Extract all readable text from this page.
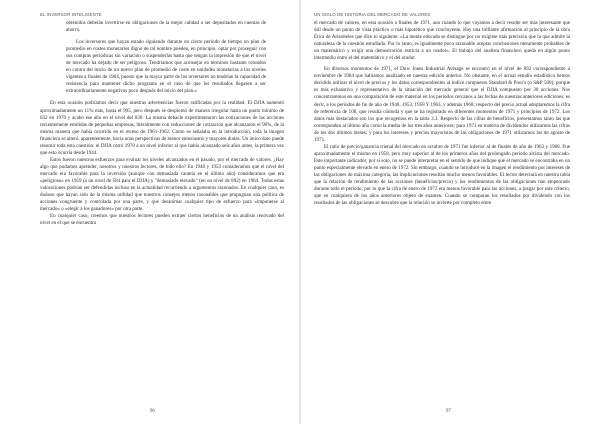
EL INVERSOR INTELIGENTE

obtenidos deberán invertirse en obligaciones de la mejor calidad o ser depositados en cuentas de ahorro.

Los inversores que hayan estado siguiendo durante un cierto periodo de tiempo un plan de promedio en costes monetarios digno de tal nombre pueden, en principio, optar por proseguir con sus compras periódicas sin variación o suspenderlas hasta que tengan la impresión de que el nivel de mercado ha dejado de ser peligroso. Tendríamos que aconsejar en términos bastante rotundos en contra del inicio de un nuevo plan de promedio de coste en unidades monetarias a los niveles vigentes a finales de 1964, puesto que la mayor parte de los inversores no tendrían la capacidad de resistencia para mantener dicho programa en el caso de que los resultados llegasen a ser extraordinariamente negativos poco después del inicio del plan.»

En esta ocasión podríamos decir que nuestras advertencias fueron ratificadas por la realidad. El DJIA aumentó aproximadamente un 11% más, hasta el 995, pero después se desplomó de manera irregular hasta un punto mínimo de 632 en 1970 y acabó ese año en el nivel del 839. La misma debacle experimentaron las cotizaciones de las acciones recientemente emitidas de pequeñas empresas, literalmente con reducciones de cotización que alcanzaron el 90%, de la misma manera que había ocurrido en el receso de 1961-1962. Como se señalaba en la introducción, toda la imagen financiera se alteró, aparentemente, hacia unas perspectivas de menor entusiasmo y mayores dudas. Un único dato puede resumir toda esta cuestión: el DJIA cerró 1970 a un nivel inferior al que había alcanzado seis años antes, la primera vez que esto ocurría desde 1944.

Estos fueron nuestros esfuerzos para evaluar los niveles alcanzados en el pasado, por el mercado de valores. ¿Hay algo que podamos aprender, nosotros y nuestros lectores, de todo ello? En 1948 y 1953 consideramos que el nivel del mercado era favorable para la inversión (aunque con demasiada cautela en el último año) consideramos que era «peligroso» en 1959 (a un nivel de 584 para el DJIA) y "demasiado elevado" (en un nivel de 892) en 1964. Todas estas valoraciones podrían ser defendidas incluso en la actualidad recurriendo a argumentos razonados. En cualquier caso, es dudoso que hayan sido de la misma utilidad que nuestros consejos menos razonables que propugnan una política de acciones congruente y controlada por una parte, y que desanimar cualquier tipo de esfuerzo para «imponerse al mercado» o «elegir a los ganadores» por otra parte.

En cualquier caso, creemos que nuestros lectores pueden extraer ciertos beneficios de un análisis renovado del nivel en el que se encuentra

96
UN SIGLO DE HISTORIA DEL MERCADO DE VALORES

el mercado de valores, en esta ocasión a finales de 1971, aun cuando lo que vayamos a decir resulte ser más interesante que útil desde un punto de vista práctico o más hipotético que concluyente. Hay una brillante afirmación al principio de la obra Ética de Aristóteles que dice lo siguiente: «La mente educada se distingue por no exigirse más precisión que la que admite la naturaleza de la cuestión estudiada. Por lo tanto, es igualmente poco razonable aceptar conclusiones meramente probables de un matemático y exigir una demostración estricta a un orador». El trabajo del analista financiero queda en algún punto intermedio entre el del matemático y el del orador.

En diversos momentos de 1971, el Dow Jones Industrial Average se encontró en el nivel de 892 correspondiente a noviembre de 1964 que habíamos analizado en nuestra edición anterior. No obstante, en el actual estudio estadístico hemos decidido utilizar el nivel de precios y los datos correspondientes al índice compuesto Standard & Poor's (o S&P 500), porque es más exhaustivo y representativo de la situación del mercado general que el DJIA compuesto por 30 acciones. Nos concentraremos en una comparación de este material en los periodos cercanos a las fechas de nuestras anteriores ediciones, es decir, a los periodos de fin de año de 1948, 1953, 1958 Y 1963, y además 1968; respecto del precio actual adoptaremos la cifra de referencia de 100, que resulta cómoda y que se ha registrado en diferentes momentos de 1971 y principios de 1972. Los datos más destacados son los que recogemos en la tabla 3.3. Respecto de las cifras de beneficios, presentamos tanto las que corresponden al último año como la media de los tres años anteriores; para 1971 en materia de dividendos utilizamos las cifras de los dos últimos meses; y para los intereses y precios mayoristas de las obligaciones de 1971 utilizamos los de agosto de 1971.

El ratio de precio/ganancia trienal del mercado en octubre de 1971 fue inferior al de finales de año de 1963 y 1968. Fue aproximadamente el mismo en 1958, pero muy superior al de los primeros años del prolongado período alcista del mercado. Este importante indicador, por sí solo, no se puede interpretar en el sentido de que indique que el mercado se encontraba en un punto especialmente elevado en enero de 1972. Sin embargo, cuando se introduce en la imagen el rendimiento por intereses de las obligaciones de máxima categoría, las implicaciones resultan mucho menos favorables. El lector detectará en nuestra tabla que la relación de rendimiento de las acciones (beneficios/precio) y los rendimientos de las obligaciones han empeorado durante todo el periodo, por lo que la cifra de enero de 1972 era menos favorable para las acciones, a juzgar por este criterio, que en cualquiera de los años anteriores objeto de examen. Cuando se comparan los resultados por dividendo con los resultados de las obligaciones se descubre que la relación se invierte por completo entre

97
